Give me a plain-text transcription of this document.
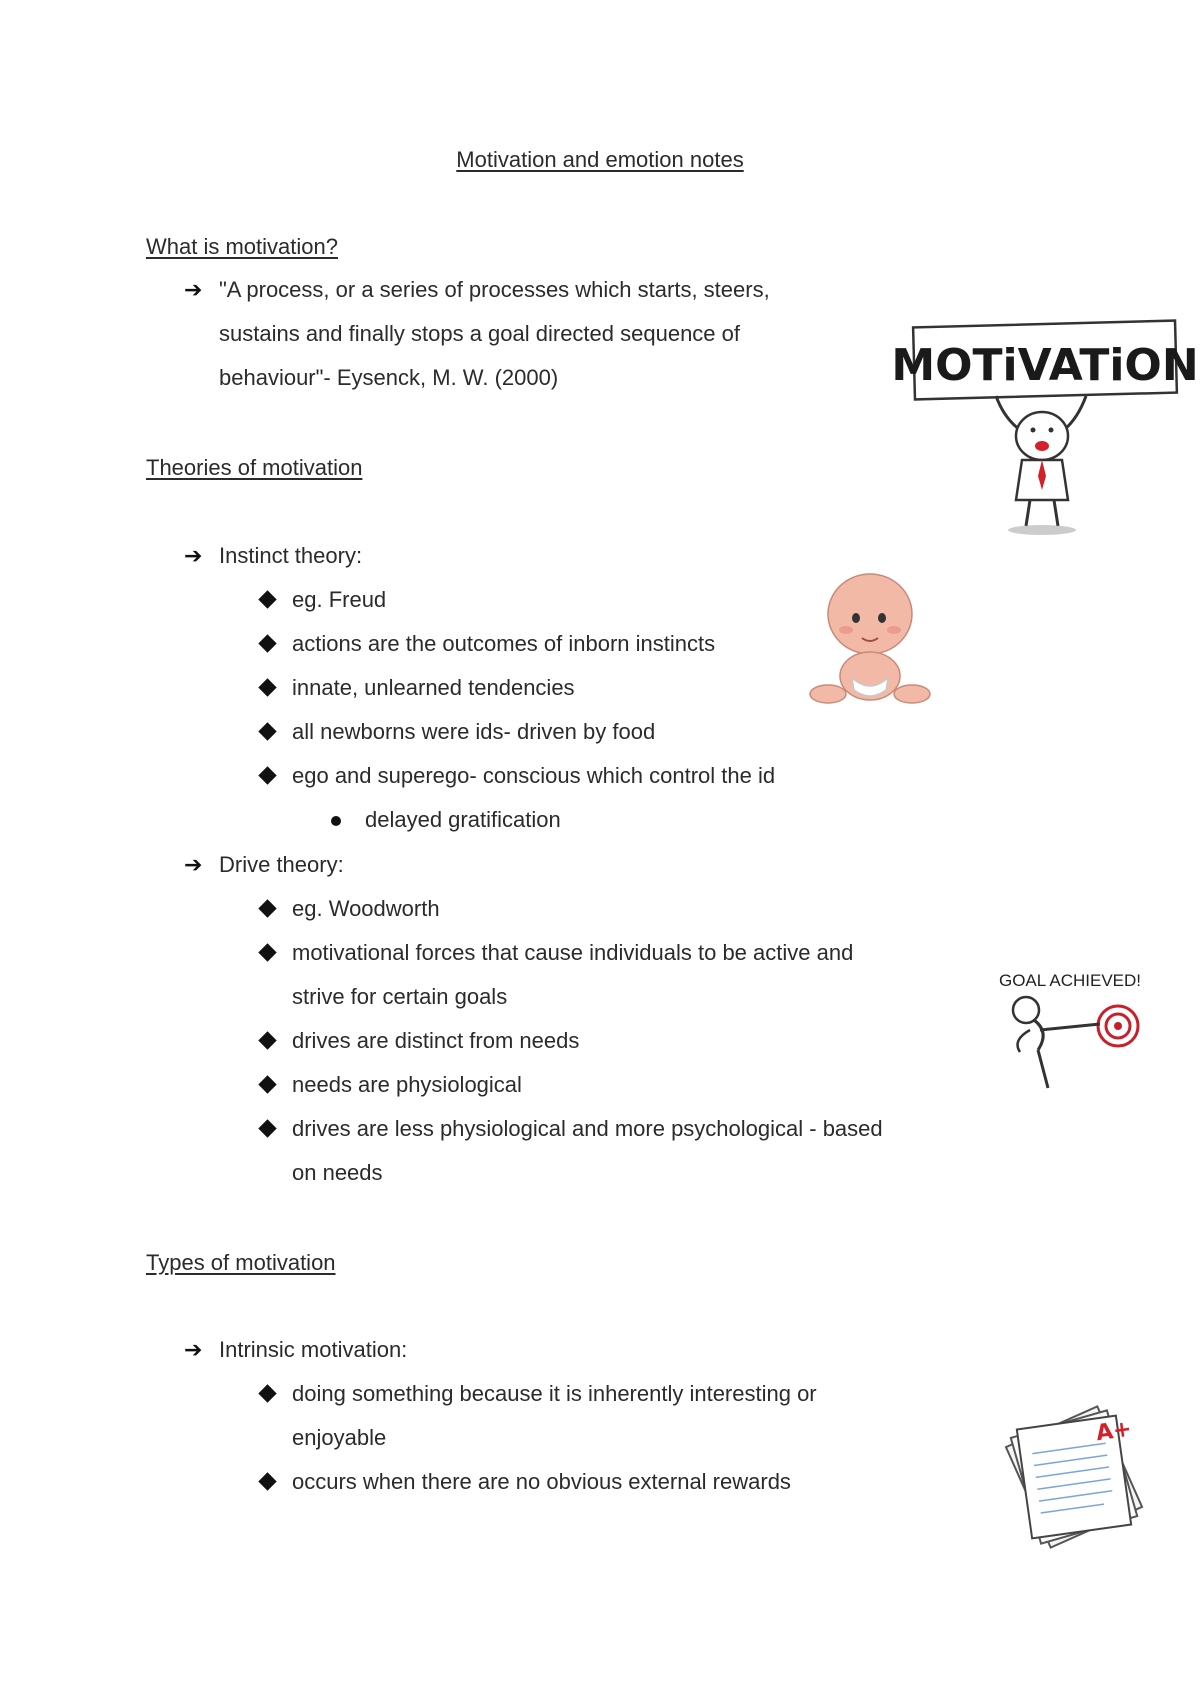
Motivation and emotion notes
What is motivation?
➔ "A process, or a series of processes which starts, steers,
sustains and finally stops a goal directed sequence of
behaviour"- Eysenck, M. W. (2000)
Theories of motivation
➔ Instinct theory:
eg. Freud
actions are the outcomes of inborn instincts
innate, unlearned tendencies
all newborns were ids- driven by food
ego and superego- conscious which control the id
delayed gratification
➔ Drive theory:
eg. Woodworth
motivational forces that cause individuals to be active and
strive for certain goals
drives are distinct from needs
needs are physiological
drives are less physiological and more psychological - based
on needs
Types of motivation
➔ Intrinsic motivation:
doing something because it is inherently interesting or
enjoyable
occurs when there are no obvious external rewards
MOTiVATiON
GOAL ACHIEVED!
A+
